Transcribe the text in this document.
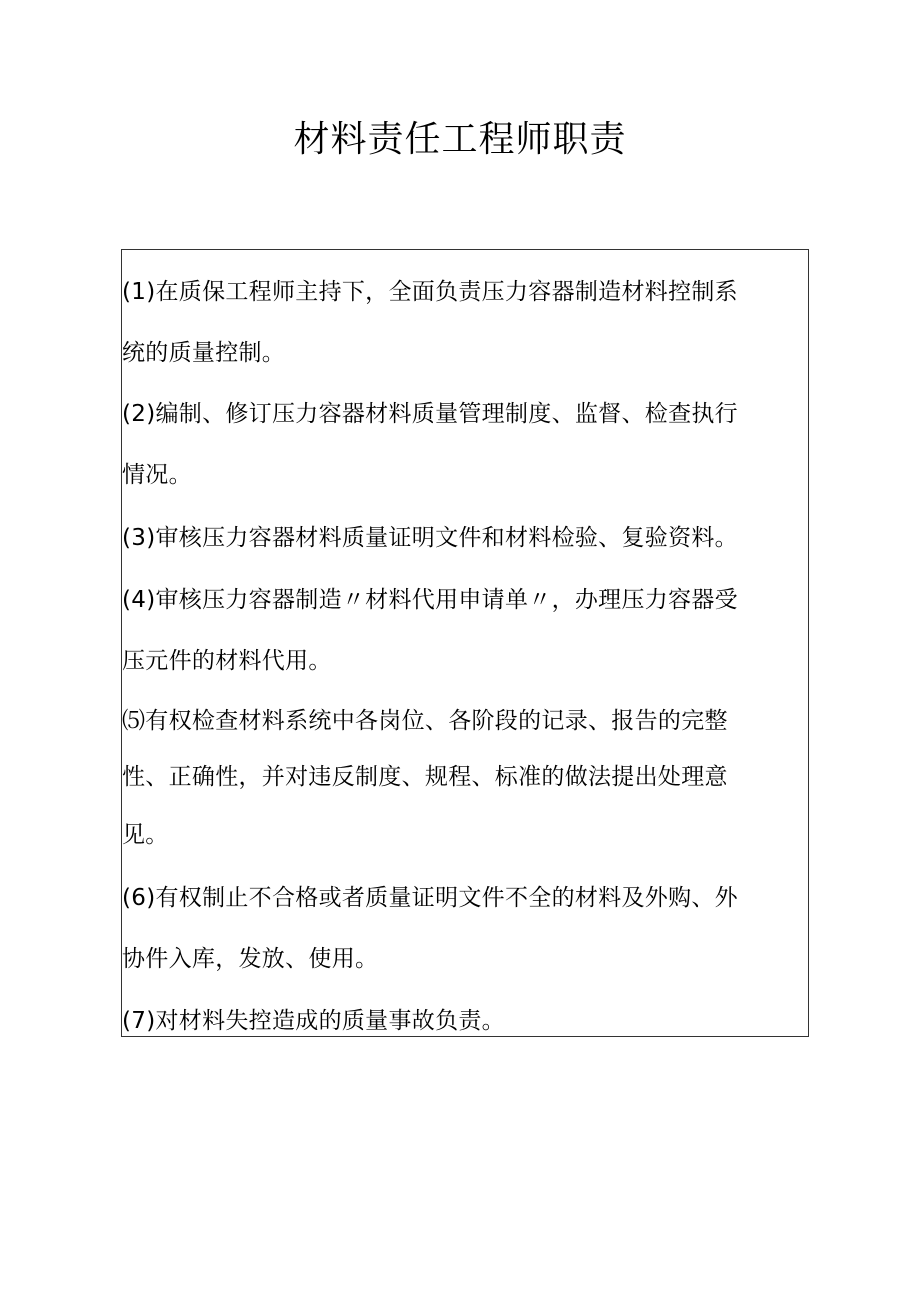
材料责任工程师职责
(1)在质保工程师主持下，全面负责压力容器制造材料控制系
统的质量控制。
(2)编制、修订压力容器材料质量管理制度、监督、检查执行
情况。
(3)审核压力容器材料质量证明文件和材料检验、复验资料。
(4)审核压力容器制造〃材料代用申请单〃，办理压力容器受
压元件的材料代用。
⑸有权检查材料系统中各岗位、各阶段的记录、报告的完整
性、正确性，并对违反制度、规程、标准的做法提出处理意
见。
(6)有权制止不合格或者质量证明文件不全的材料及外购、外
协件入库，发放、使用。
(7)对材料失控造成的质量事故负责。
